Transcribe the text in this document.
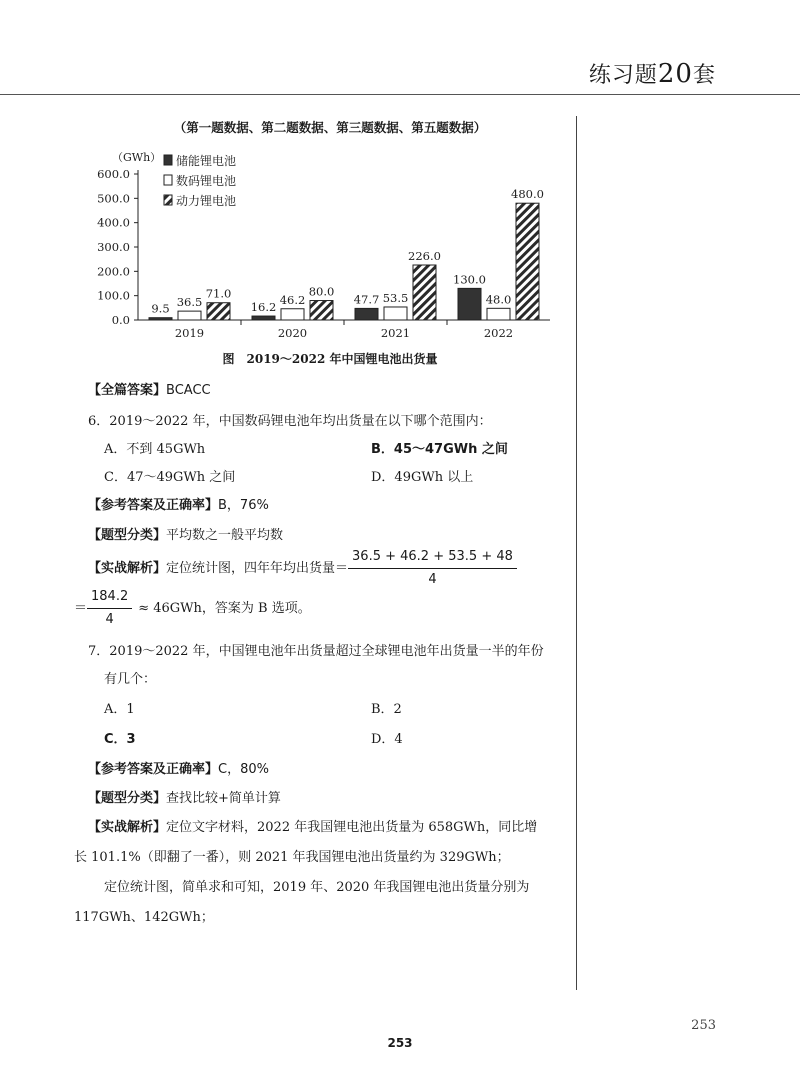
练习题20套
（第一题数据、第二题数据、第三题数据、第五题数据）
（GWh）
0.0
100.0
200.0
300.0
400.0
500.0
600.0
9.5 36.5
71.0
2019
16.2
46.2
80.0
2020
47.7 53.5
226.0
2021
130.0
48.0
480.0
2022
储能锂电池
数码锂电池
动力锂电池
图　2019～2022 年中国锂电池出货量
【全篇答案】BCACC
6．2019～2022 年，中国数码锂电池年均出货量在以下哪个范围内：
A．不到 45GWh	B．45～47GWh 之间
C．47～49GWh 之间	D．49GWh 以上
【参考答案及正确率】B，76%
【题型分类】平均数之一般平均数
【实战解析】定位统计图，四年年均出货量＝ $\frac{36.5 + 46.2 + 53.5 + 48}{4}$
＝ $\frac{184.2}{4} \approx 46GWh$，答案为 B 选项。
7．2019～2022 年，中国锂电池年出货量超过全球锂电池年出货量一半的年份
有几个：
A．1	B．2
C．3	D．4
【参考答案及正确率】C，80%
【题型分类】查找比较+简单计算
【实战解析】定位文字材料，2022 年我国锂电池出货量为 658GWh，同比增
长 101.1%（即翻了一番），则 2021 年我国锂电池出货量约为 329GWh；
定位统计图，简单求和可知，2019 年、2020 年我国锂电池出货量分别为
117GWh、142GWh；
253
253
